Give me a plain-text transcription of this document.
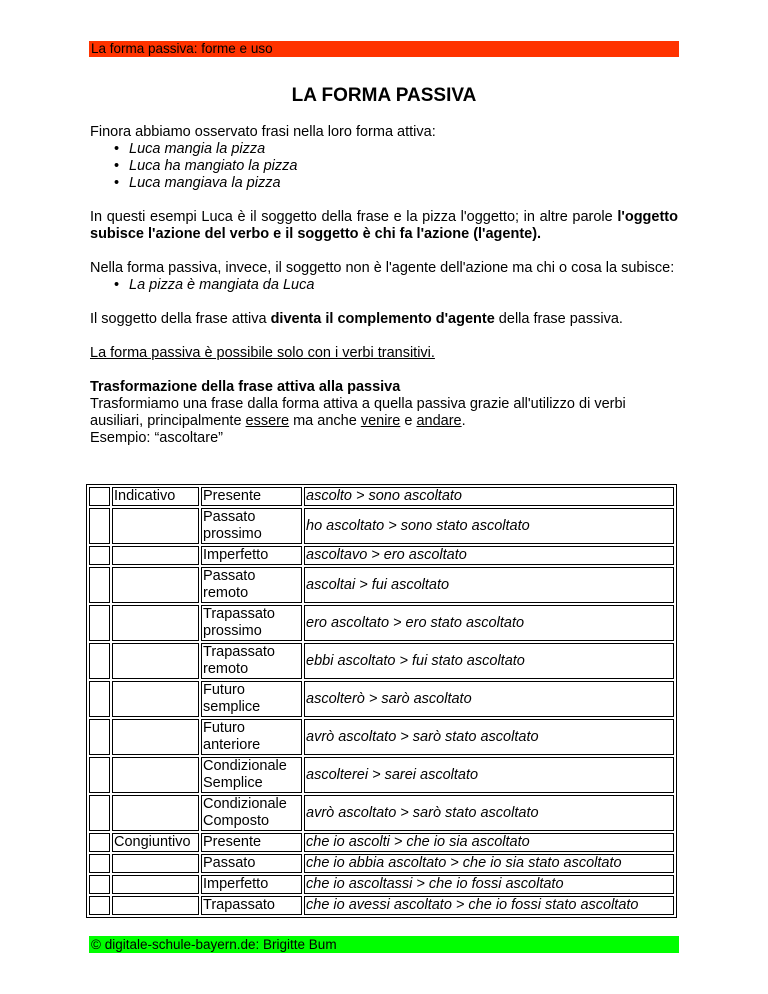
La forma passiva: forme e uso
LA FORMA PASSIVA

Finora abbiamo osservato frasi nella loro forma attiva:

• Luca mangia la pizza
• Luca ha mangiato la pizza
• Luca mangiava la pizza

In questi esempi Luca è il soggetto della frase e la pizza l'oggetto; in altre parole l'oggetto subisce l'azione del verbo e il soggetto è chi fa l'azione (l'agente).

Nella forma passiva, invece, il soggetto non è l'agente dell'azione ma chi o cosa la subisce:

• La pizza è mangiata da Luca

Il soggetto della frase attiva diventa il complemento d'agente della frase passiva.

La forma passiva è possibile solo con i verbi transitivi.

Trasformazione della frase attiva alla passiva

Trasformiamo una frase dalla forma attiva a quella passiva grazie all'utilizzo di verbi ausiliari, principalmente essere ma anche venire e andare.

Esempio: “ascoltare”

	Indicativo	Presente	ascolto > sono ascoltato
		Passato prossimo	ho ascoltato > sono stato ascoltato
		Imperfetto	ascoltavo > ero ascoltato
		Passato remoto	ascoltai > fui ascoltato
		Trapassato prossimo	ero ascoltato > ero stato ascoltato
		Trapassato remoto	ebbi ascoltato > fui stato ascoltato
		Futuro semplice	ascolterò > sarò ascoltato
		Futuro anteriore	avrò ascoltato > sarò stato ascoltato
		Condizionale Semplice	ascolterei > sarei ascoltato
		Condizionale Composto	avrò ascoltato > sarò stato ascoltato
	Congiuntivo	Presente	che io ascolti > che io sia ascoltato
		Passato	che io abbia ascoltato > che io sia stato ascoltato
		Imperfetto	che io ascoltassi > che io fossi ascoltato
		Trapassato	che io avessi ascoltato > che io fossi stato ascoltato
© digitale-schule-bayern.de: Brigitte Bum
